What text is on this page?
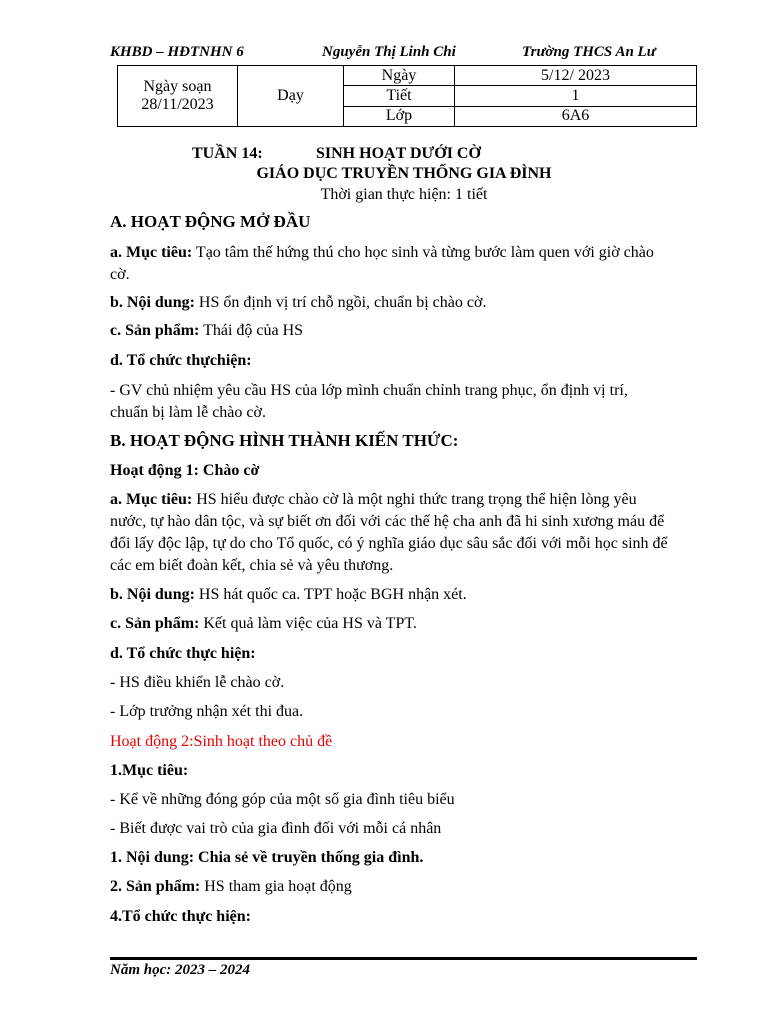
KHBD – HĐTNHN 6	Nguyễn Thị Linh Chi	Trường THCS An Lư
Ngày soạn
28/11/2023	Dạy	Ngày	5/12/ 2023
		Tiết	1
		Lớp	6A6
TUẦN 14:	SINH HOẠT DƯỚI CỜ
GIÁO DỤC TRUYỀN THỐNG GIA ĐÌNH
Thời gian thực hiện: 1 tiết

A. HOẠT ĐỘNG MỞ ĐẦU

a. Mục tiêu: Tạo tâm thế hứng thú cho học sinh và từng bước làm quen với giờ chào cờ.

b. Nội dung: HS ổn định vị trí chỗ ngồi, chuẩn bị chào cờ.

c. Sản phẩm: Thái độ của HS

d. Tổ chức thựchiện:

- GV chủ nhiệm yêu cầu HS của lớp mình chuẩn chỉnh trang phục, ổn định vị trí, chuẩn bị làm lễ chào cờ.

B. HOẠT ĐỘNG HÌNH THÀNH KIẾN THỨC:

Hoạt động 1: Chào cờ

a. Mục tiêu: HS hiểu được chào cờ là một nghi thức trang trọng thể hiện lòng yêu nước, tự hào dân tộc, và sự biết ơn đối với các thế hệ cha anh đã hi sinh xương máu để đổi lấy độc lập, tự do cho Tổ quốc, có ý nghĩa giáo dục sâu sắc đối với mỗi học sinh để các em biết đoàn kết, chia sẻ và yêu thương.

b. Nội dung: HS hát quốc ca. TPT hoặc BGH nhận xét.

c. Sản phẩm: Kết quả làm việc của HS và TPT.

d. Tổ chức thực hiện:

- HS điều khiển lễ chào cờ.

- Lớp trưởng nhận xét thi đua.

Hoạt động 2:Sinh hoạt theo chủ đề

1.Mục tiêu:

- Kể về những đóng góp của một số gia đình tiêu biểu

- Biết được vai trò của gia đình đối với mỗi cá nhân

1. Nội dung: Chia sẻ về truyền thống gia đình.

2. Sản phẩm: HS tham gia hoạt động

4.Tổ chức thực hiện:

Năm học: 2023 – 2024
